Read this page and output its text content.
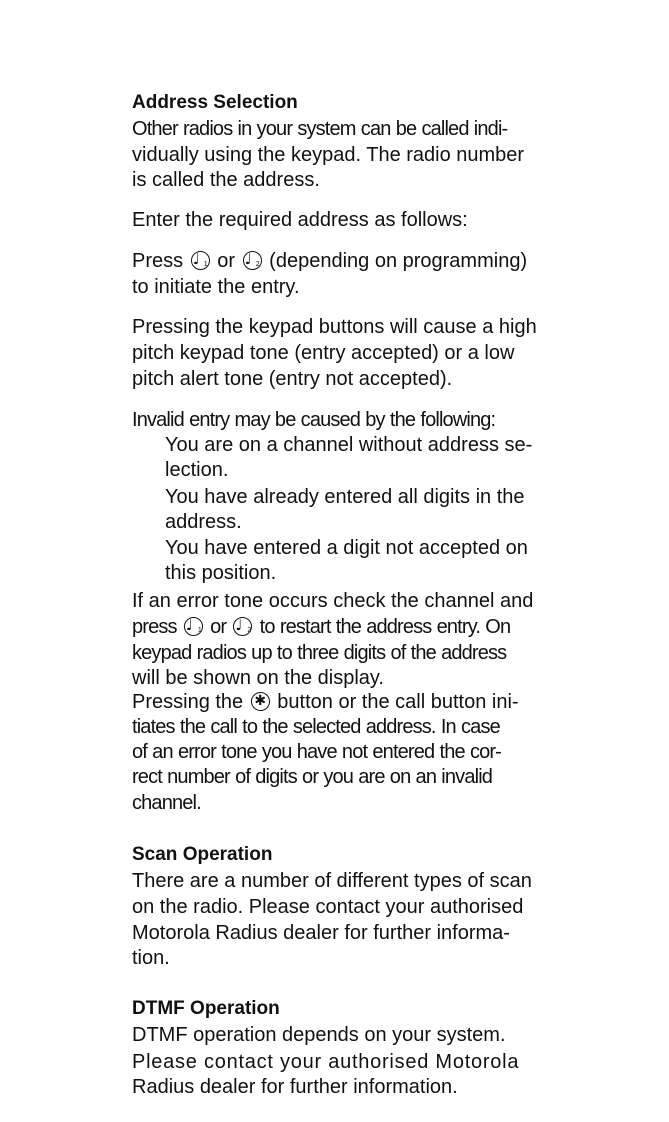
Address Selection
Other radios in your system can be called indi-
vidually using the keypad. The radio number
is called the address.
Enter the required address as follows:
Press ♩ 1 or ♩ 2 (depending on programming)
to initiate the entry.
Pressing the keypad buttons will cause a high
pitch keypad tone (entry accepted) or a low
pitch alert tone (entry not accepted).
Invalid entry may be caused by the following:
You are on a channel without address se-
lection.
You have already entered all digits in the
address.
You have entered a digit not accepted on
this position.
If an error tone occurs check the channel and
press ♩ 1 or ♩ 2 to restart the address entry. On
keypad radios up to three digits of the address
will be shown on the display.
Pressing the ✱ button or the call button ini-
tiates the call to the selected address. In case
of an error tone you have not entered the cor-
rect number of digits or you are on an invalid
channel.
Scan Operation
There are a number of different types of scan
on the radio. Please contact your authorised
Motorola Radius dealer for further informa-
tion.
DTMF Operation
DTMF operation depends on your system.
Please contact your authorised Motorola
Radius dealer for further information.
